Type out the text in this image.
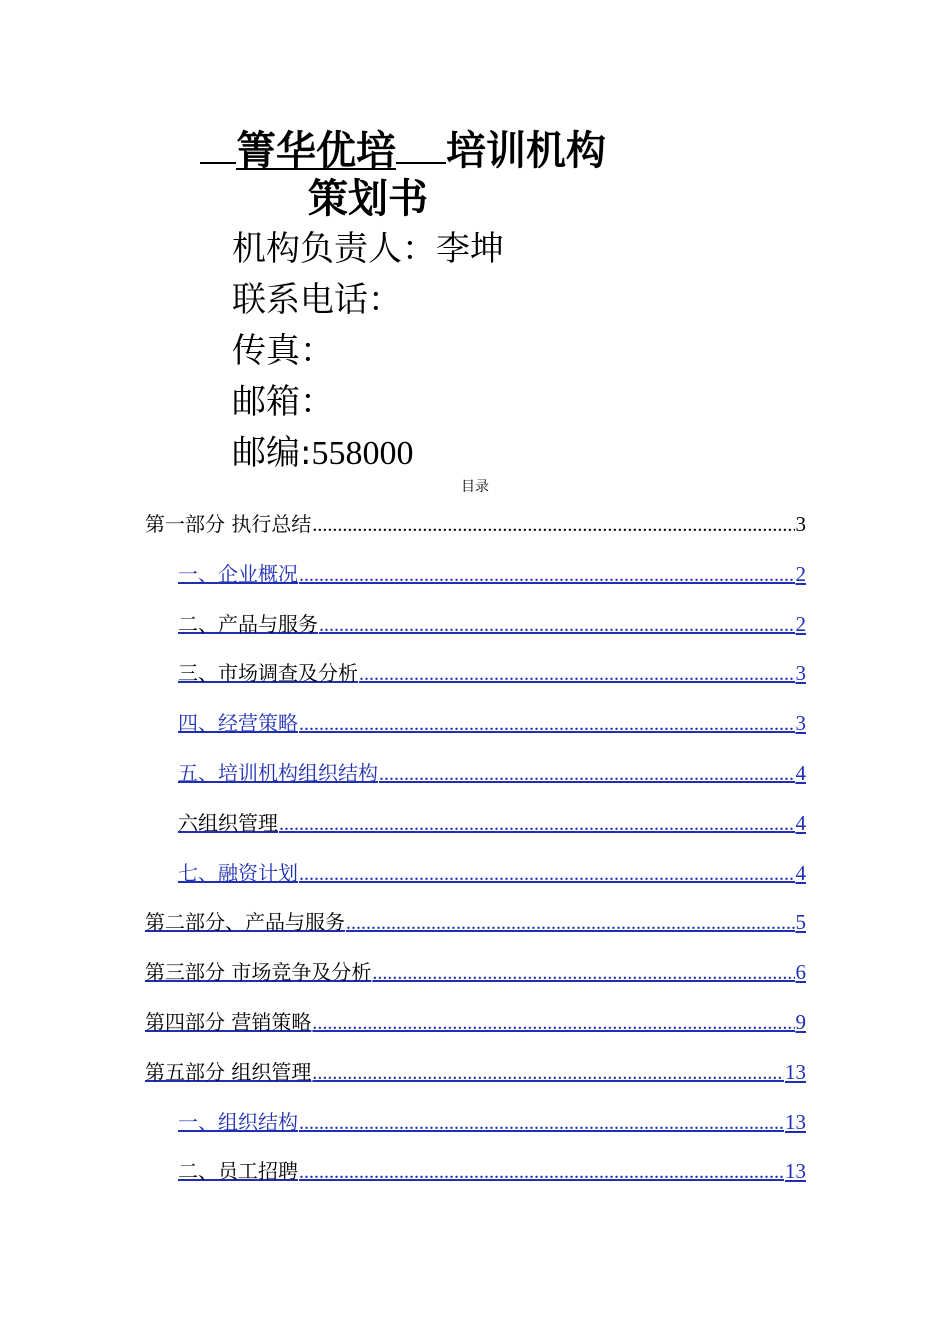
箐华优培 培训机构
策划书
机构负责人：李坤
联系电话：
传真：
邮箱：
邮编:558000
目录
第一部分 执行总结 .....	3
一、企业概况 .....	2
二、产品与服务 .....	2
三、市场调查及分析 .....	3
四、经营策略 .....	3
五、培训机构组织结构 .....	4
六组织管理 .....	4
七、融资计划 .....	4
第二部分、产品与服务 .....	5
第三部分 市场竞争及分析 .....	6
第四部分 营销策略 .....	9
第五部分 组织管理 .....	13
一、组织结构 .....	13
二、员工招聘 .....	13
